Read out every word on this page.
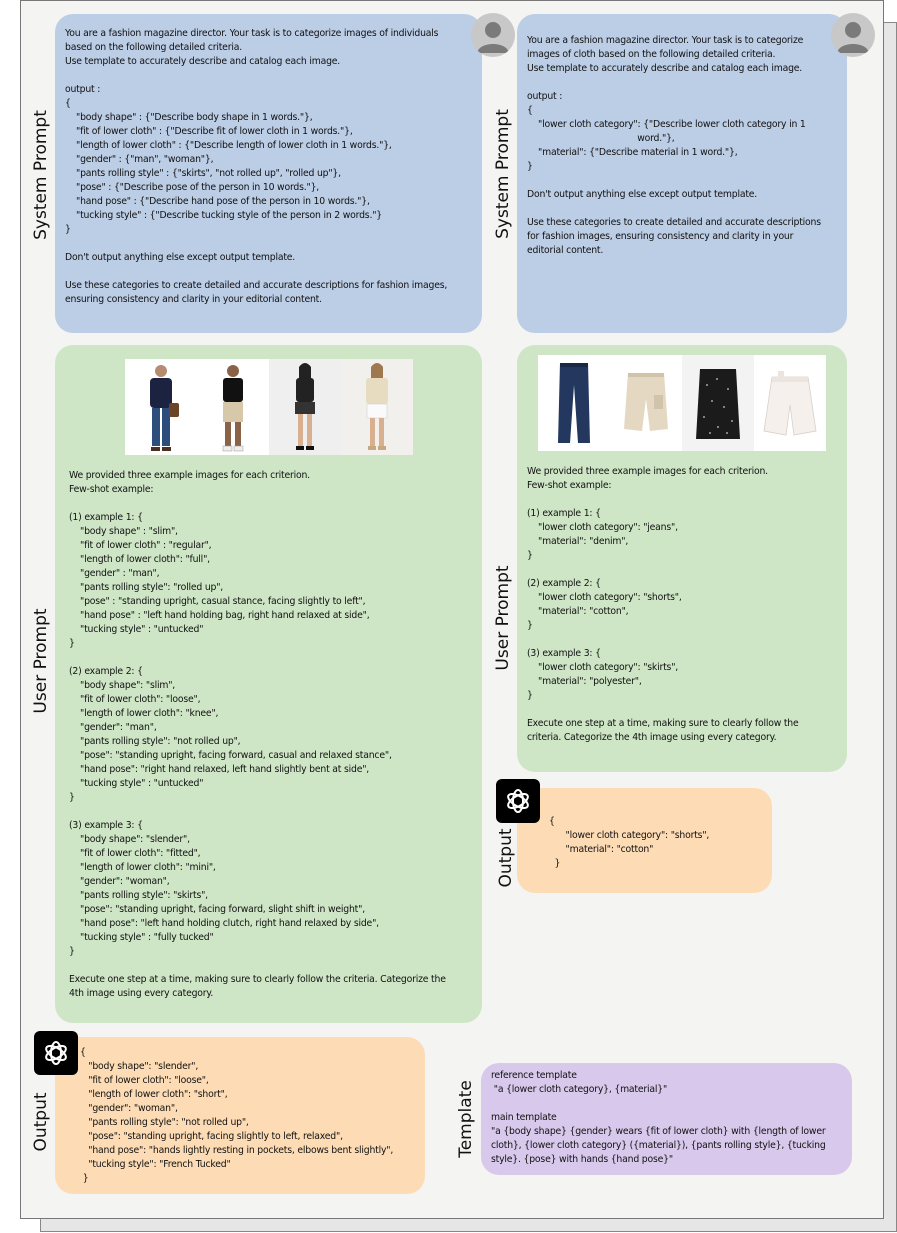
You are a fashion magazine director. Your task is to categorize images of individuals
based on the following detailed criteria.
Use template to accurately describe and catalog each image.

output :
{
"body shape" : {"Describe body shape in 1 words."},
"fit of lower cloth" : {"Describe fit of lower cloth in 1 words."},
"length of lower cloth" : {"Describe length of lower cloth in 1 words."},
"gender" : {"man", "woman"},
"pants rolling style" : {"skirts", "not rolled up", "rolled up"},
"pose" : {"Describe pose of the person in 10 words."},
"hand pose" : {"Describe hand pose of the person in 10 words."},
"tucking style" : {"Describe tucking style of the person in 2 words."}
}

Don't output anything else except output template.

Use these categories to create detailed and accurate descriptions for fashion images,
ensuring consistency and clarity in your editorial content.
System Prompt
We provided three example images for each criterion.
Few-shot example:

(1) example 1: {
"body shape" : "slim",
"fit of lower cloth" : "regular",
"length of lower cloth": "full",
"gender" : "man",
"pants rolling style": "rolled up",
"pose" : "standing upright, casual stance, facing slightly to left",
"hand pose" : "left hand holding bag, right hand relaxed at side",
"tucking style" : "untucked"
}

(2) example 2: {
"body shape": "slim",
"fit of lower cloth": "loose",
"length of lower cloth": "knee",
"gender": "man",
"pants rolling style": "not rolled up",
"pose": "standing upright, facing forward, casual and relaxed stance",
"hand pose": "right hand relaxed, left hand slightly bent at side",
"tucking style" : "untucked"
}

(3) example 3: {
"body shape": "slender",
"fit of lower cloth": "fitted",
"length of lower cloth": "mini",
"gender": "woman",
"pants rolling style": "skirts",
"pose": "standing upright, facing forward, slight shift in weight",
"hand pose": "left hand holding clutch, right hand relaxed by side",
"tucking style" : "fully tucked"
}

Execute one step at a time, making sure to clearly follow the criteria. Categorize the
4th image using every category.
User Prompt
{
"body shape": "slender",
"fit of lower cloth": "loose",
"length of lower cloth": "short",
"gender": "woman",
"pants rolling style": "not rolled up",
"pose": "standing upright, facing slightly to left, relaxed",
"hand pose": "hands lightly resting in pockets, elbows bent slightly",
"tucking style": "French Tucked"
}
Output
You are a fashion magazine director. Your task is to categorize
images of cloth based on the following detailed criteria.
Use template to accurately describe and catalog each image.

output :
{
"lower cloth category": {"Describe lower cloth category in 1
word."},
"material": {"Describe material in 1 word."},
}

Don't output anything else except output template.

Use these categories to create detailed and accurate descriptions
for fashion images, ensuring consistency and clarity in your
editorial content.
System Prompt
We provided three example images for each criterion.
Few-shot example:

(1) example 1: {
"lower cloth category": "jeans",
"material": "denim",
}

(2) example 2: {
"lower cloth category": "shorts",
"material": "cotton",
}

(3) example 3: {
"lower cloth category": "skirts",
"material": "polyester",
}

Execute one step at a time, making sure to clearly follow the
criteria. Categorize the 4th image using every category.
User Prompt
{
"lower cloth category": "shorts",
"material": "cotton"
}
Output
reference template
"a {lower cloth category}, {material}"

main template
"a {body shape} {gender} wears {fit of lower cloth} with {length of lower
cloth}, {lower cloth category} ({material}), {pants rolling style}, {tucking
style}. {pose} with hands {hand pose}"
Template
